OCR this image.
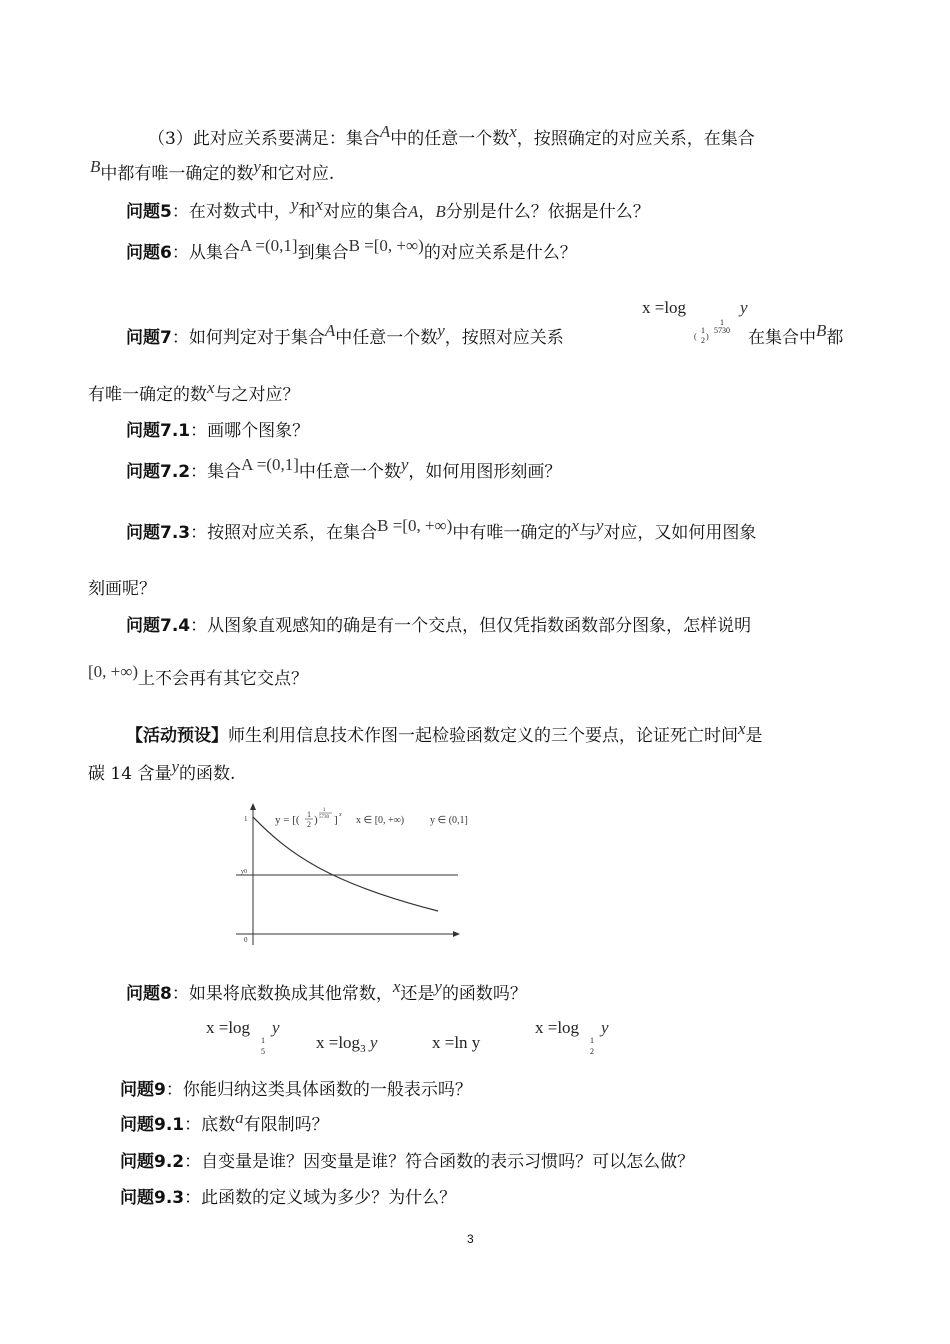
（3）此对应关系要满足：集合A中的任意一个数x，按照确定的对应关系，在集合
B中都有唯一确定的数y和它对应.
问题5：在对数式中，y和x对应的集合A，B分别是什么？依据是什么？
问题6：从集合A =(0,1]到集合B =[0, +∞)的对应关系是什么？
x =log	y
(
1
2 )
1
5730
问题7：如何判定对于集合A中任意一个数y，按照对应关系	在集合中B都
有唯一确定的数x与之对应？
问题7.1：画哪个图象？
问题7.2：集合A =(0,1]中任意一个数y，如何用图形刻画？
问题7.3：按照对应关系，在集合B =[0, +∞)中有唯一确定的x与y对应，又如何用图象
刻画呢？
问题7.4：从图象直观感知的确是有一个交点，但仅凭指数函数部分图象，怎样说明
[0, +∞)上不会再有其它交点？
【活动预设】师生利用信息技术作图一起检验函数定义的三个要点，论证死亡时间x是
碳 14 含量y的函数.
1
y0
0
y = [( 1
2 )
1
5730 ] x x ∈ [0, +∞)	y ∈ (0,1]
问题8：如果将底数换成其他常数，x还是y的函数吗？
x =log
1
5
y
$x =\log_3$ y	x =ln y
x =log
1
2
y
问题9：你能归纳这类具体函数的一般表示吗？
问题9.1：底数a有限制吗？
问题9.2：自变量是谁？因变量是谁？符合函数的表示习惯吗？可以怎么做？
问题9.3：此函数的定义域为多少？为什么？
3
